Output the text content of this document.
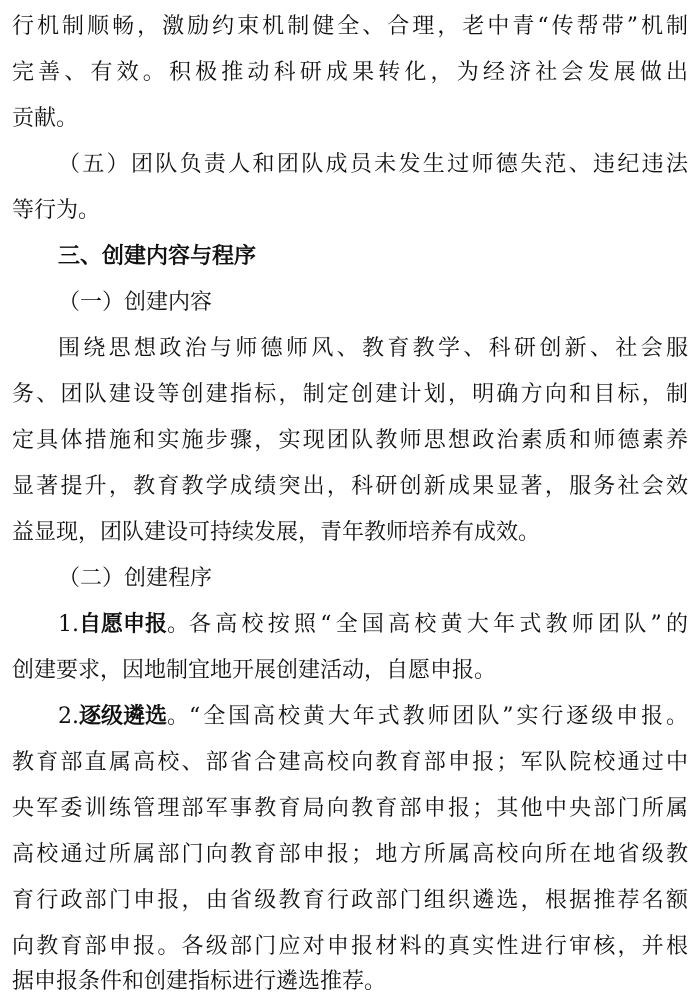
行机制顺畅，激励约束机制健全、合理，老中青“传帮带”机制
完善、有效。积极推动科研成果转化，为经济社会发展做出
贡献。
（五）团队负责人和团队成员未发生过师德失范、违纪违法
等行为。
三、创建内容与程序
（一）创建内容
围绕思想政治与师德师风、教育教学、科研创新、社会服
务、团队建设等创建指标，制定创建计划，明确方向和目标，制
定具体措施和实施步骤，实现团队教师思想政治素质和师德素养
显著提升，教育教学成绩突出，科研创新成果显著，服务社会效
益显现，团队建设可持续发展，青年教师培养有成效。
（二）创建程序
1. 自愿申报 。 各高校按照“全国高校黄大年式教师团队”的
创建要求，因地制宜地开展创建活动，自愿申报。
2. 逐级遴选 。 “全国高校黄大年式教师团队”实行逐级申报。
教育部直属高校、部省合建高校向教育部申报；军队院校通过中
央军委训练管理部军事教育局向教育部申报；其他中央部门所属
高校通过所属部门向教育部申报；地方所属高校向所在地省级教
育行政部门申报，由省级教育行政部门组织遴选，根据推荐名额
向教育部申报。各级部门应对申报材料的真实性进行审核，并根
据申报条件和创建指标进行遴选推荐。
